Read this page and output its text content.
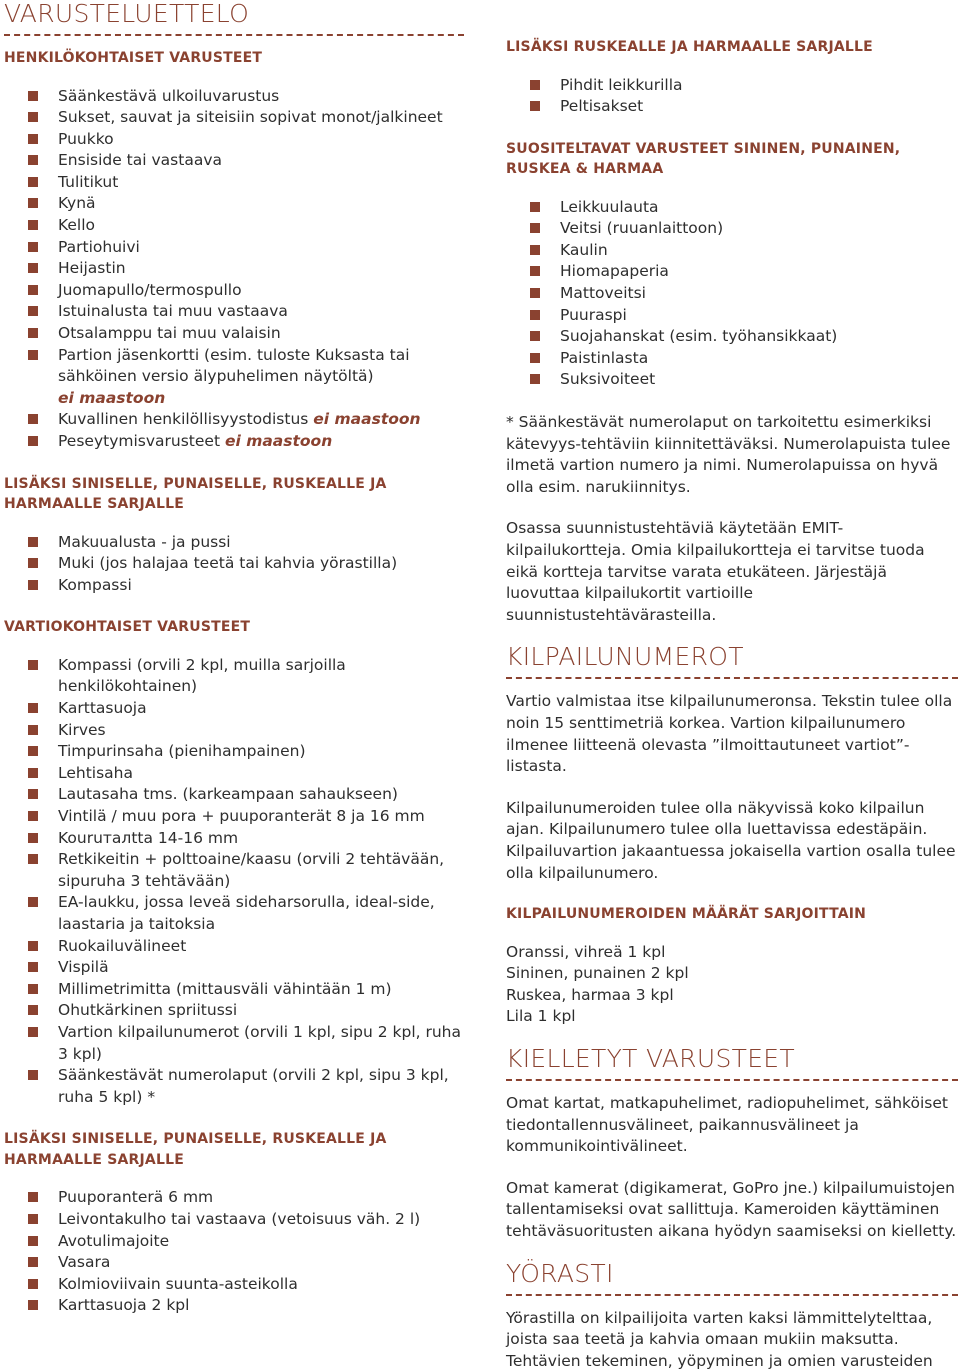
VARUSTELUETTELO
HENKILÖKOHTAISET VARUSTEET
Säänkestävä ulkoiluvarustus
Sukset, sauvat ja siteisiin sopivat monot/jalkineet
Puukko
Ensiside tai vastaava
Tulitikut
Kynä
Kello
Partiohuivi
Heijastin
Juomapullo/termospullo
Istuinalusta tai muu vastaava
Otsalamppu tai muu valaisin
Partion jäsenkortti (esim. tuloste Kuksasta tai sähköinen versio älypuhelimen näytöltä)
ei maastoon
Kuvallinen henkilöllisyystodistus ei maastoon
Peseytymisvarusteet ei maastoon
LISÄKSI SINISELLE, PUNAISELLE, RUSKEALLE JA HARMAALLE SARJALLE
Makuualusta - ja pussi
Muki (jos halajaa teetä tai kahvia yörastilla)
Kompassi
VARTIOKOHTAISET VARUSTEET
Kompassi (orvili 2 kpl, muilla sarjoilla henkilökohtainen)
Karttasuoja
Kirves
Timpurinsaha (pienihampainen)
Lehtisaha
Lautasaha tms. (karkeampaan sahaukseen)
Vintilä / muu pora + puuporanterät 8 ja 16 mm
Kouruталtta 14-16 mm
Retkikeitin + polttoaine/kaasu (orvili 2 tehtävään, sipuruha 3 tehtävään)
EA-laukku, jossa leveä sideharsorulla, ideal-side, laastaria ja taitoksia
Ruokailuvälineet
Vispilä
Millimetrimitta (mittausväli vähintään 1 m)
Ohutkärkinen spriitussi
Vartion kilpailunumerot (orvili 1 kpl, sipu 2 kpl, ruha 3 kpl)
Säänkestävät numerolaput (orvili 2 kpl, sipu 3 kpl, ruha 5 kpl) *
LISÄKSI SINISELLE, PUNAISELLE, RUSKEALLE JA HARMAALLE SARJALLE
Puuporanterä 6 mm
Leivontakulho tai vastaava (vetoisuus väh. 2 l)
Avotulimajoite
Vasara
Kolmioviivain suunta-asteikolla
Karttasuoja 2 kpl
LISÄKSI RUSKEALLE JA HARMAALLE SARJALLE
Pihdit leikkurilla
Peltisakset
SUOSITELTAVAT VARUSTEET SININEN, PUNAINEN, RUSKEA & HARMAA
Leikkuulauta
Veitsi (ruuanlaittoon)
Kaulin
Hiomapaperia
Mattoveitsi
Puuraspi
Suojahanskat (esim. työhansikkaat)
Paistinlasta
Suksivoiteet

* Säänkestävät numerolaput on tarkoitettu esimerkiksi kätevyys-tehtäviin kiinnitettäväksi. Numerolapuista tulee ilmetä vartion numero ja nimi. Numerolapuissa on hyvä olla esim. narukiinnitys.

Osassa suunnistustehtäviä käytetään EMIT-kilpailukortteja. Omia kilpailukortteja ei tarvitse tuoda eikä kortteja tarvitse varata etukäteen. Järjestäjä luovuttaa kilpailukortit vartioille suunnistustehtävärasteilla.

KILPAILUNUMEROT

Vartio valmistaa itse kilpailunumeronsa. Tekstin tulee olla noin 15 senttimetriä korkea. Vartion kilpailunumero ilmenee liitteenä olevasta ”ilmoittautuneet vartiot”-listasta.

Kilpailunumeroiden tulee olla näkyvissä koko kilpailun ajan. Kilpailunumero tulee olla luettavissa edestäpäin. Kilpailuvartion jakaantuessa jokaisella vartion osalla tulee olla kilpailunumero.

KILPAILUNUMEROIDEN MÄÄRÄT SARJOITTAIN

Oranssi, vihreä 1 kpl

Sininen, punainen 2 kpl

Ruskea, harmaa 3 kpl

Lila 1 kpl

KIELLETYT VARUSTEET

Omat kartat, matkapuhelimet, radiopuhelimet, sähköiset tiedontallennusvälineet, paikannusvälineet ja kommunikointivälineet.

Omat kamerat (digikamerat, GoPro jne.) kilpailumuistojen tallentamiseksi ovat sallittuja. Kameroiden käyttäminen tehtäväsuoritusten aikana hyödyn saamiseksi on kielletty.

YÖRASTI

Yörastilla on kilpailijoita varten kaksi lämmittelytelttaa, joista saa teetä ja kahvia omaan mukiin maksutta. Tehtävien tekeminen, yöpyminen ja omien varusteiden
